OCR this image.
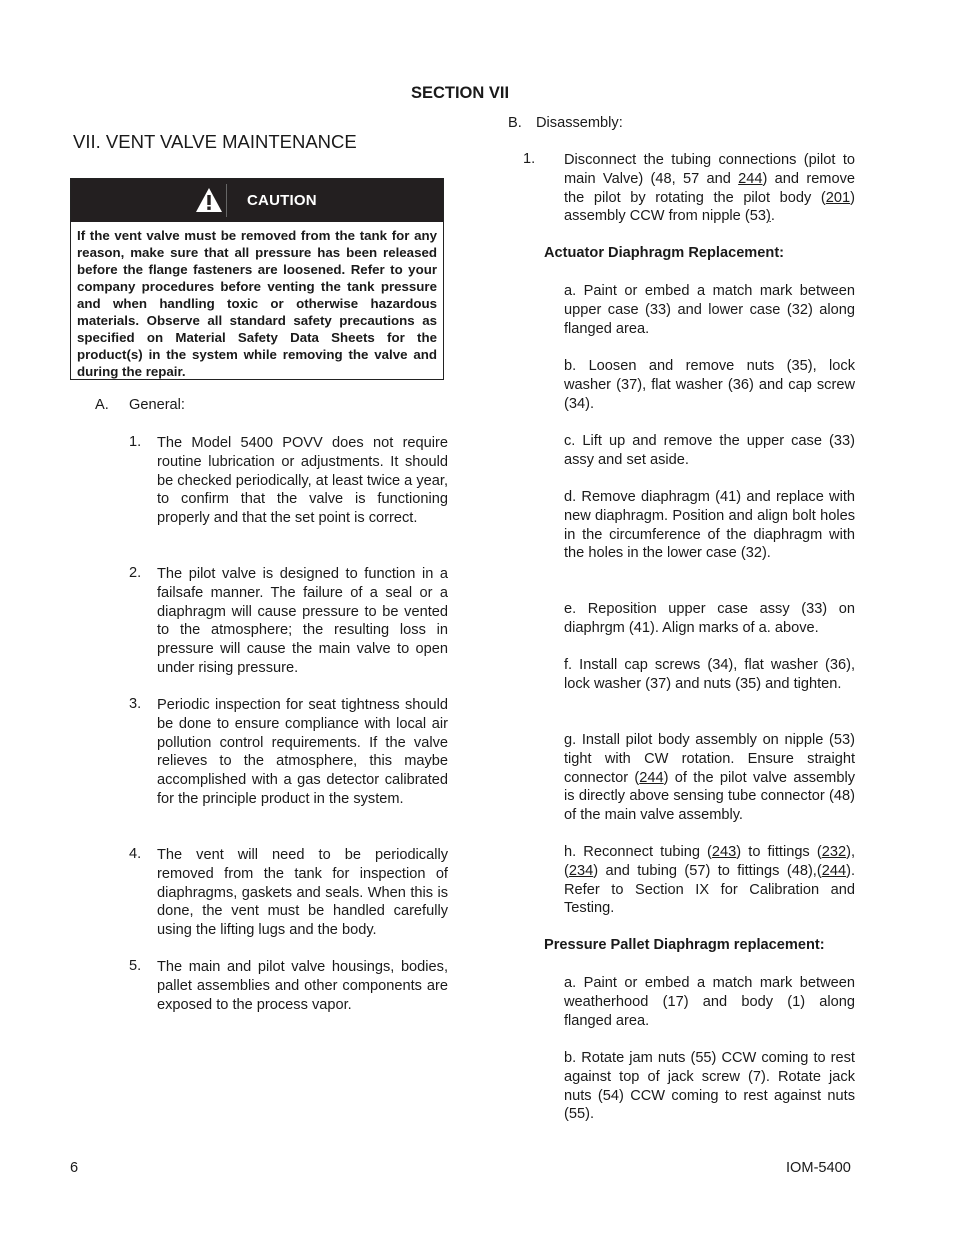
SECTION VII
VII. VENT VALVE MAINTENANCE
CAUTION
If the vent valve must be removed from the tank for any reason, make sure that all pressure has been released before the flange fasteners are loosened. Refer to your company procedures before venting the tank pressure and when handling toxic or otherwise hazardous materials. Observe all standard safety precautions as specified on Material Safety Data Sheets for the product(s) in the system while removing the valve and during the repair.
A. General:
1. The Model 5400 POVV does not require routine lubrication or adjustments. It should be checked periodically, at least twice a year, to confirm that the valve is functioning properly and that the set point is correct.
2. The pilot valve is designed to function in a failsafe manner. The failure of a seal or a diaphragm will cause pressure to be vented to the atmosphere; the resulting loss in pressure will cause the main valve to open under rising pressure.
3. Periodic inspection for seat tightness should be done to ensure compliance with local air pollution control requirements. If the valve relieves to the atmosphere, this maybe accomplished with a gas detector calibrated for the principle product in the system.
4. The vent will need to be periodically removed from the tank for inspection of diaphragms, gaskets and seals. When this is done, the vent must be handled carefully using the lifting lugs and the body.
5. The main and pilot valve housings, bodies, pallet assemblies and other components are exposed to the process vapor.
B. Disassembly:
1. Disconnect the tubing connections (pilot to main Valve) (48, 57 and 244) and remove the pilot by rotating the pilot body (201) assembly CCW from nipple (53).
Actuator Diaphragm Replacement:
a. Paint or embed a match mark between upper case (33) and lower case (32) along flanged area.
b. Loosen and remove nuts (35), lock washer (37), flat washer (36) and cap screw (34).
c. Lift up and remove the upper case (33) assy and set aside.
d. Remove diaphragm (41) and replace with new diaphragm. Position and align bolt holes in the circumference of the diaphragm with the holes in the lower case (32).
e. Reposition upper case assy (33) on diaphrgm (41). Align marks of a. above.
f. Install cap screws (34), flat washer (36), lock washer (37) and nuts (35) and tighten.
g. Install pilot body assembly on nipple (53) tight with CW rotation. Ensure straight connector (244) of the pilot valve assembly is directly above sensing tube connector (48) of the main valve assembly.
h. Reconnect tubing (243) to fittings (232), (234) and tubing (57) to fittings (48),(244). Refer to Section IX for Calibration and Testing.
Pressure Pallet Diaphragm replacement:
a. Paint or embed a match mark between weatherhood (17) and body (1) along flanged area.
b. Rotate jam nuts (55) CCW coming to rest against top of jack screw (7). Rotate jack nuts (54) CCW coming to rest against nuts (55).
6	IOM-5400
